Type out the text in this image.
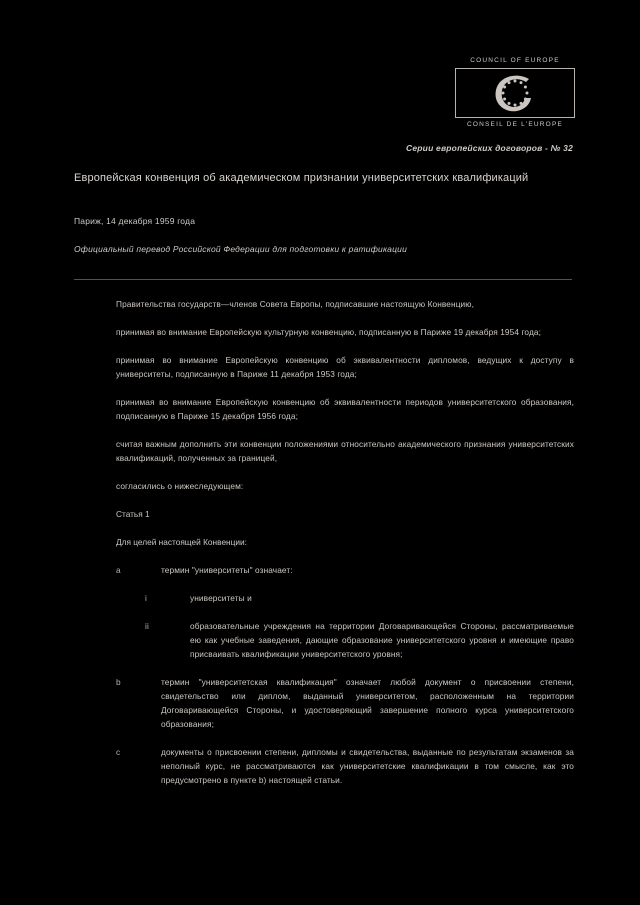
COUNCIL OF EUROPE
CONSEIL DE L'EUROPE
Серии европейских договоров - № 32
Европейская конвенция об академическом признании университетских квалификаций
Париж, 14 декабря 1959 года
Официальный перевод Российской Федерации для подготовки к ратификации

Правительства государств—членов Совета Европы, подписавшие настоящую Конвенцию,

принимая во внимание Европейскую культурную конвенцию, подписанную в Париже 19 декабря 1954 года;

принимая во внимание Европейскую конвенцию об эквивалентности дипломов, ведущих к доступу в университеты, подписанную в Париже 11 декабря 1953 года;

принимая во внимание Европейскую конвенцию об эквивалентности периодов университетского образования, подписанную в Париже 15 декабря 1956 года;

считая важным дополнить эти конвенции положениями относительно академического признания университетских квалификаций, полученных за границей,

согласились о нижеследующем:

Статья 1

Для целей настоящей Конвенции:

a	термин "университеты" означает:
i	университеты и
ii	образовательные учреждения на территории Договаривающейся Стороны, рассматриваемые ею как учебные заведения, дающие образование университетского уровня и имеющие право присваивать квалификации университетского уровня;
b	термин "университетская квалификация" означает любой документ о присвоении степени, свидетельство или диплом, выданный университетом, расположенным на территории Договаривающейся Стороны, и удостоверяющий завершение полного курса университетского образования;
c	документы о присвоении степени, дипломы и свидетельства, выданные по результатам экзаменов за неполный курс, не рассматриваются как университетские квалификации в том смысле, как это предусмотрено в пункте b) настоящей статьи.
